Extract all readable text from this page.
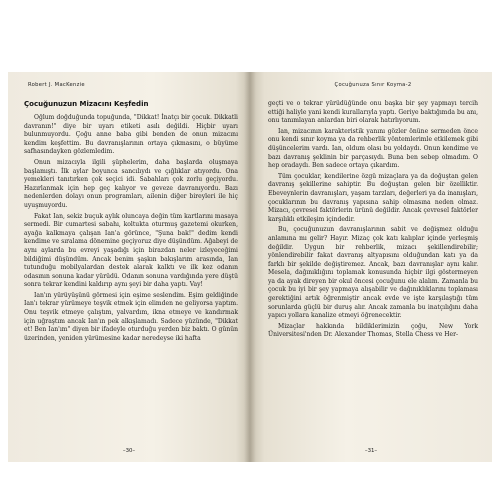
Robert J. MacKenzie
Çocuğunuzun Mizacını Keşfedin

Oğlum doğduğunda topuğunda, "Dikkat! İnatçı bir çocuk. Dikkatli davranın!" diye bir uyarı etiketi asılı değildi. Hiçbir uyarı bulunmuyordu. Çoğu anne baba gibi benden de onun mizacını kendim keşfettim. Bu davranışlarının ortaya çıkmasını, o büyüme safhasındayken gözlemledim.

Onun mizacıyla ilgili şüphelerim, daha başlarda oluşmaya başlamıştı. İlk aylar boyunca sancılıydı ve çığlıklar atıyordu. Ona yemekleri tanıtırken çok seçici idi. Sabahları çok zorlu geçiyordu. Hazırlanmak için hep geç kalıyor ve geveze davranıyordu. Bazı nedenlerden dolayı onun programları, ailenin diğer bireyleri ile hiç uyuşmuyordu.

Fakat Ian, sekiz buçuk aylık oluncaya değin tüm kartlarını masaya sermedi. Bir cumartesi sabahı, koltukta oturmuş gazetemi okurken, ayağa kalkmaya çalışan Ian'a görünce, "Şuna bak!" dedim kendi kendime ve sıralama dönemine geçiyoruz diye düşündüm. Ağabeyi de aynı aylarda bu evreyi yaşadığı için birazdan neler izleyeceğimi bildiğimi düşündüm. Ancak benim şaşkın bakışlarım arasında, Ian tutunduğu mobilyalardan destek alarak kalktı ve ilk kez odanın odasının sonuna kadar yürüdü. Odanın sonuna vardığında yere düştü sonra tekrar kendini kaldırıp aynı şeyi bir daha yaptı. Vay!

Ian'ın yürüyüşünü görmesi için eşime seslendim. Eşim geldiğinde Ian'ı tekrar yürümeye teşvik etmek için elimden ne geliyorsa yaptım. Onu teşvik etmeye çalıştım, yalvardım, ikna etmeye ve kandırmak için uğraştım ancak Ian'ın pek alkışlamadı. Sadece yüzünde, "Dikkat et! Ben Ian'ım" diyen bir ifadeyle oturduğu yerden biz baktı. O günün üzerinden, yeniden yürümesine kadar neredeyse iki hafta

–30–
Çocuğunuza Sınır Koyma-2

geçti ve o tekrar yürüdüğünde onu başka bir şey yapmayı tercih ettiği haliyle yani kendi kurallarıyla yaptı. Geriye baktığımda bu anı, onu tanımlayan anlardan biri olarak hatırlıyorum.

Ian, mizacının karakteristik yanını gözler önüne sermeden önce onu kendi sınır koyma ya da rehberlik yöntemlerimle etkilemek gibi düşüncelerim vardı. Ian, oldum olası bu yoldaydı. Onun kendime ve bazı davranış şeklinin bir parçasıydı. Buna ben sebep olmadım. O hep oradaydı. Ben sadece ortaya çıkardım.

Tüm çocuklar, kendilerine özgü mizaçlara ya da doğuştan gelen davranış şekillerine sahiptir. Bu doğuştan gelen bir özelliktir. Ebeveynlerin davranışları, yaşam tarzları, değerleri ya da inanışları, çocuklarının bu davranış yapısına sahip olmasına neden olmaz. Mizacı, çevresel faktörlerin ürünü değildir. Ancak çevresel faktörler karşılıklı etkileşim içindedir.

Bu, çocuğunuzun davranışlarının sabit ve değişmez olduğu anlamına mı gelir? Hayır. Mizaç çok katı kalıplar içinde yerleşmiş değildir. Uygun bir rehberlik, mizacı şekillendirebilir; yönlendirebilir fakat davranış altyapısını olduğundan katı ya da farklı bir şekilde değiştiremez. Ancak, bazı davranışlar aynı kalır. Mesela, dağınıklığını toplamak konusunda hiçbir ilgi göstermeyen ya da ayak direyen bir okul öncesi çocuğunu ele alalım. Zamanla bu çocuk bu iyi bir şey yapmaya alışabilir ve dağınıklıklarını toplaması gerektiğini artık öğrenmiştir ancak evde ve işte karşılaştığı tüm sorunlarda güçlü bir duruş alır. Ancak zamanla bu inatçılığını daha yapıcı yollara kanalize etmeyi öğrenecektir.

Mizaçlar hakkında bildiklerimizin çoğu, New York Üniversitesi'nden Dr. Alexander Thomas, Stella Chess ve Her-

–31–
